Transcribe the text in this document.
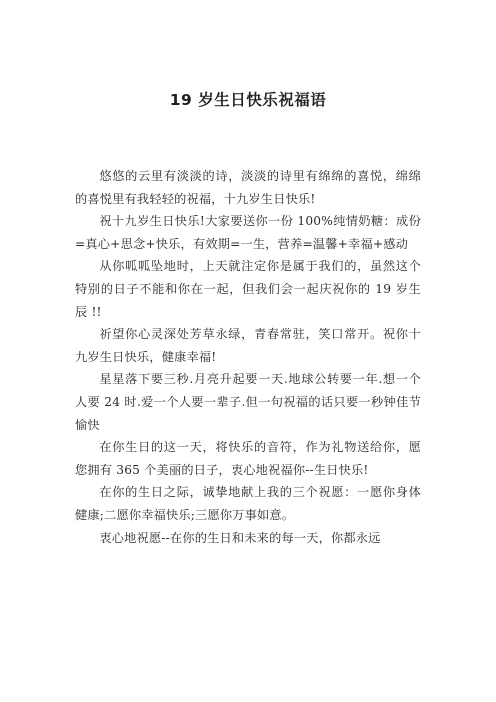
19 岁生日快乐祝福语

悠悠的云里有淡淡的诗，淡淡的诗里有绵绵的喜悦，绵绵的喜悦里有我轻轻的祝福，十九岁生日快乐!

祝十九岁生日快乐!大家要送你一份 100%纯情奶糖：成份=真心+思念+快乐，有效期=一生，营养=温馨+幸福+感动

从你呱呱坠地时，上天就注定你是属于我们的，虽然这个特别的日子不能和你在一起，但我们会一起庆祝你的 19 岁生辰 !!

祈望你心灵深处芳草永绿，青春常驻，笑口常开。祝你十九岁生日快乐，健康幸福!

星星落下要三秒.月亮升起要一天.地球公转要一年.想一个人要 24 时.爱一个人要一辈子.但一句祝福的话只要一秒钟佳节愉快

在你生日的这一天，将快乐的音符，作为礼物送给你，愿您拥有 365 个美丽的日子，衷心地祝福你--生日快乐!

在你的生日之际，诚挚地献上我的三个祝愿：一愿你身体健康;二愿你幸福快乐;三愿你万事如意。

衷心地祝愿--在你的生日和未来的每一天，你都永远
